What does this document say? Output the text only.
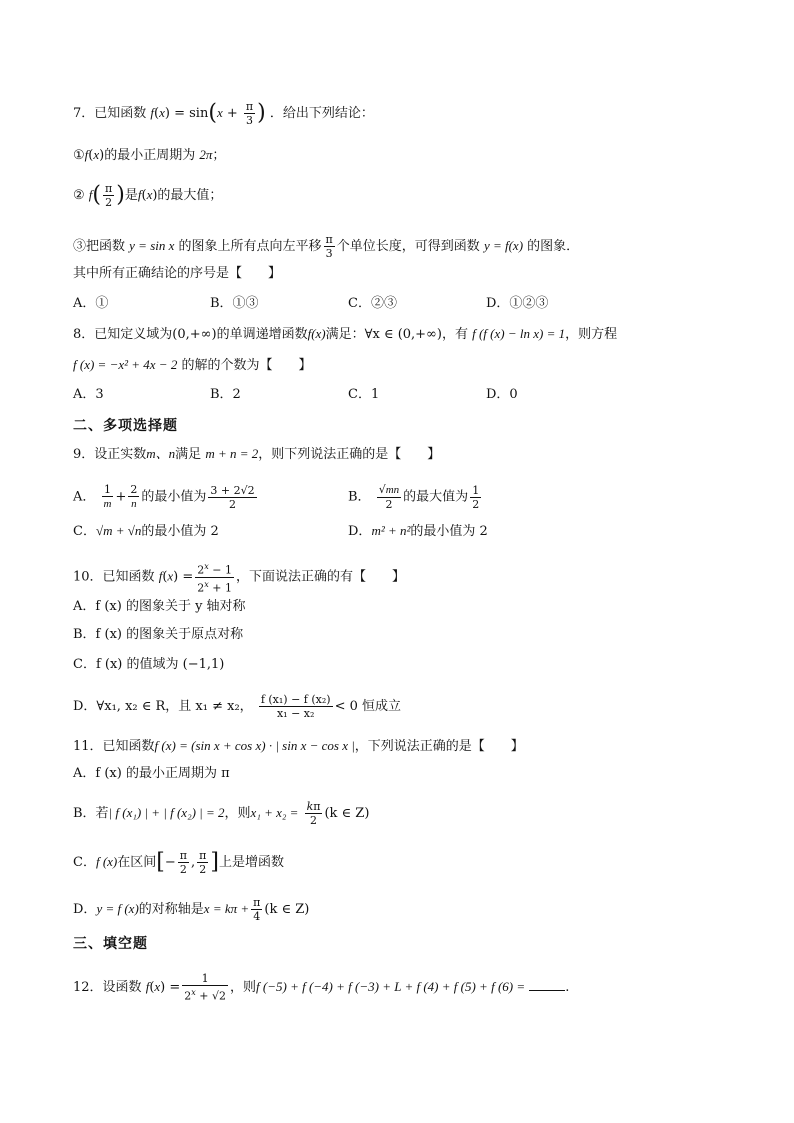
7．已知函数 $f(x) = \sin(x + \frac{\pi}{3}$ ) ．给出下列结论：
①f(x)的最小正周期为 2π；
② $f( \frac{\pi}{2}$ )是f(x)的最大值；
③把函数 y = sin x 的图象上所有点向左平移 $\frac{\pi}{3}$ 个单位长度，可得到函数 y = f(x) 的图象．
其中所有正确结论的序号是【　　】
A．①	B．①③	C．②③	D．①②③
8．已知定义域为(0,+∞)的单调递增函数f(x)满足：∀x ∈ (0,+∞)，有 f (f (x) − ln x) = 1，则方程
f (x) = −x² + 4x − 2 的解的个数为【　　】
A．3	B．2	C．1	D．0
二、多项选择题
9．设正实数m、n满足 m + n = 2，则下列说法正确的是【　　】
A． $\frac{1}{m} + \frac{2}{n}$ 的最小值为 $\frac{3 + 2√2}{2}$	B． $\frac{√mn}{2}$ 的最大值为 $\frac{1}{2}$
C．√m + √n的最小值为 2	D．m² + n²的最小值为 2
10．已知函数 $f(x) = \frac{2^x - 1}{2^x + 1}$ ，下面说法正确的有【　　】
A．f (x) 的图象关于 y 轴对称
B．f (x) 的图象关于原点对称
C．f (x) 的值域为 (−1,1)
D．∀x₁, x₂ ∈ R，且 x₁ ≠ x₂， $\frac{\text{f (x₁) − f (x₂)}}{\text{x₁ − x₂}} < 0$ 恒成立
11．已知函数f (x) = (sin x + cos x) · | sin x − cos x |，下列说法正确的是【　　】
A．f (x) 的最小正周期为 π
B．若| f (x₁) | + | f (x₂) | = 2，则$x_1 + x_2 = \frac{k\pi}{2} (k$ ∈ Z)
C．f (x)在区间[− $\frac{\pi}{2}$ , $\frac{\pi}{2}$ ]上是增函数
D．y = f (x)的对称轴是$x = k\pi + \frac{\pi}{4} (k$ ∈ Z)
三、填空题
12．设函数 $f(x) = \frac{1}{2^x + √2}$ ，则f (−5) + f (−4) + f (−3) + L + f (4) + f (5) + f (6) =	.
